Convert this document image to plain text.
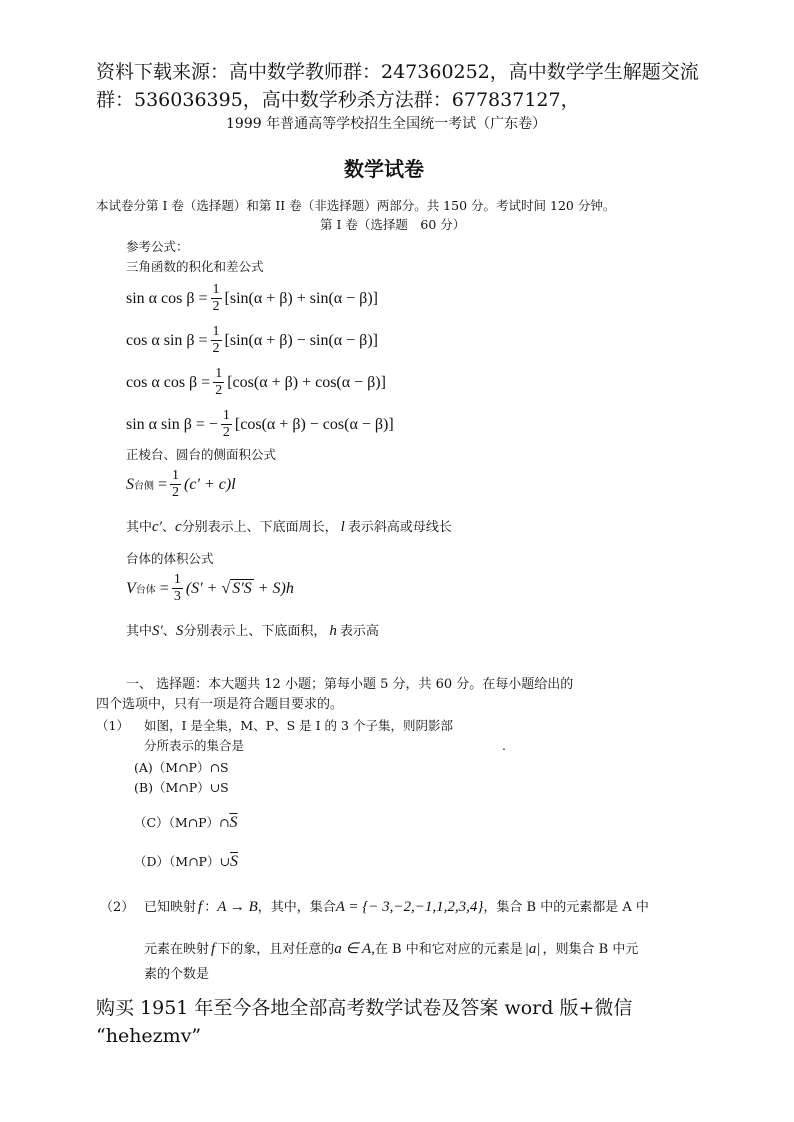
资料下载来源：高中数学教师群：247360252，高中数学学生解题交流
群：536036395，高中数学秒杀方法群：677837127，
1999 年普通高等学校招生全国统一考试（广东卷）
数学试卷
本试卷分第 I 卷（选择题）和第 II 卷（非选择题）两部分。共 150 分。考试时间 120 分钟。
第 I 卷（选择题　60 分）
参考公式：
三角函数的积化和差公式
sin α $\cos \beta = \frac{1}{2} [\sin(\alpha + \beta) + \sin(\alpha - \beta)]$
cos α $\sin \beta = \frac{1}{2} [\sin(\alpha + \beta) - \sin(\alpha - \beta)]$
cos α $\cos \beta = \frac{1}{2} [\cos(\alpha + \beta) + \cos(\alpha - \beta)]$
sin α sin β = − $\frac{1}{2} [\cos(\alpha + \beta) - \cos(\alpha - \beta)]$
正棱台、圆台的侧面积公式
S 台侧 = $\frac{1}{2} (c' + c)l$
其中c′、c分别表示上、下底面周长， l 表示斜高或母线长
台体的体积公式
V 台体 = $\frac{1}{3} (S'$ + √ S′S + S)h
其中S′、S分别表示上、下底面积， h 表示高
一、 选择题：本大题共 12 小题；第每小题 5 分，共 60 分。在每小题给出的
四个选项中，只有一项是符合题目要求的。
（1） 如图，I 是全集，M、P、S 是 I 的 3 个子集，则阴影部
分所表示的集合是	.
(A)（M∩P）∩S
(B)（M∩P）∪S
$(C)(M\cap P)\cap\overline{S}$
$(D)(M\cap P)\cup\overline{S}$
（2） 已知映射 f ：A → B，其中，集合A = {− 3,−2,−1,1,2,3,4}，集合 B 中的元素都是 A 中
元素在映射 f 下的象，且对任意的a ∈ A,在 B 中和它对应的元素是 |a| ，则集合 B 中元
素的个数是
购买 1951 年至今各地全部高考数学试卷及答案 word 版+微信
“hehezmv”
